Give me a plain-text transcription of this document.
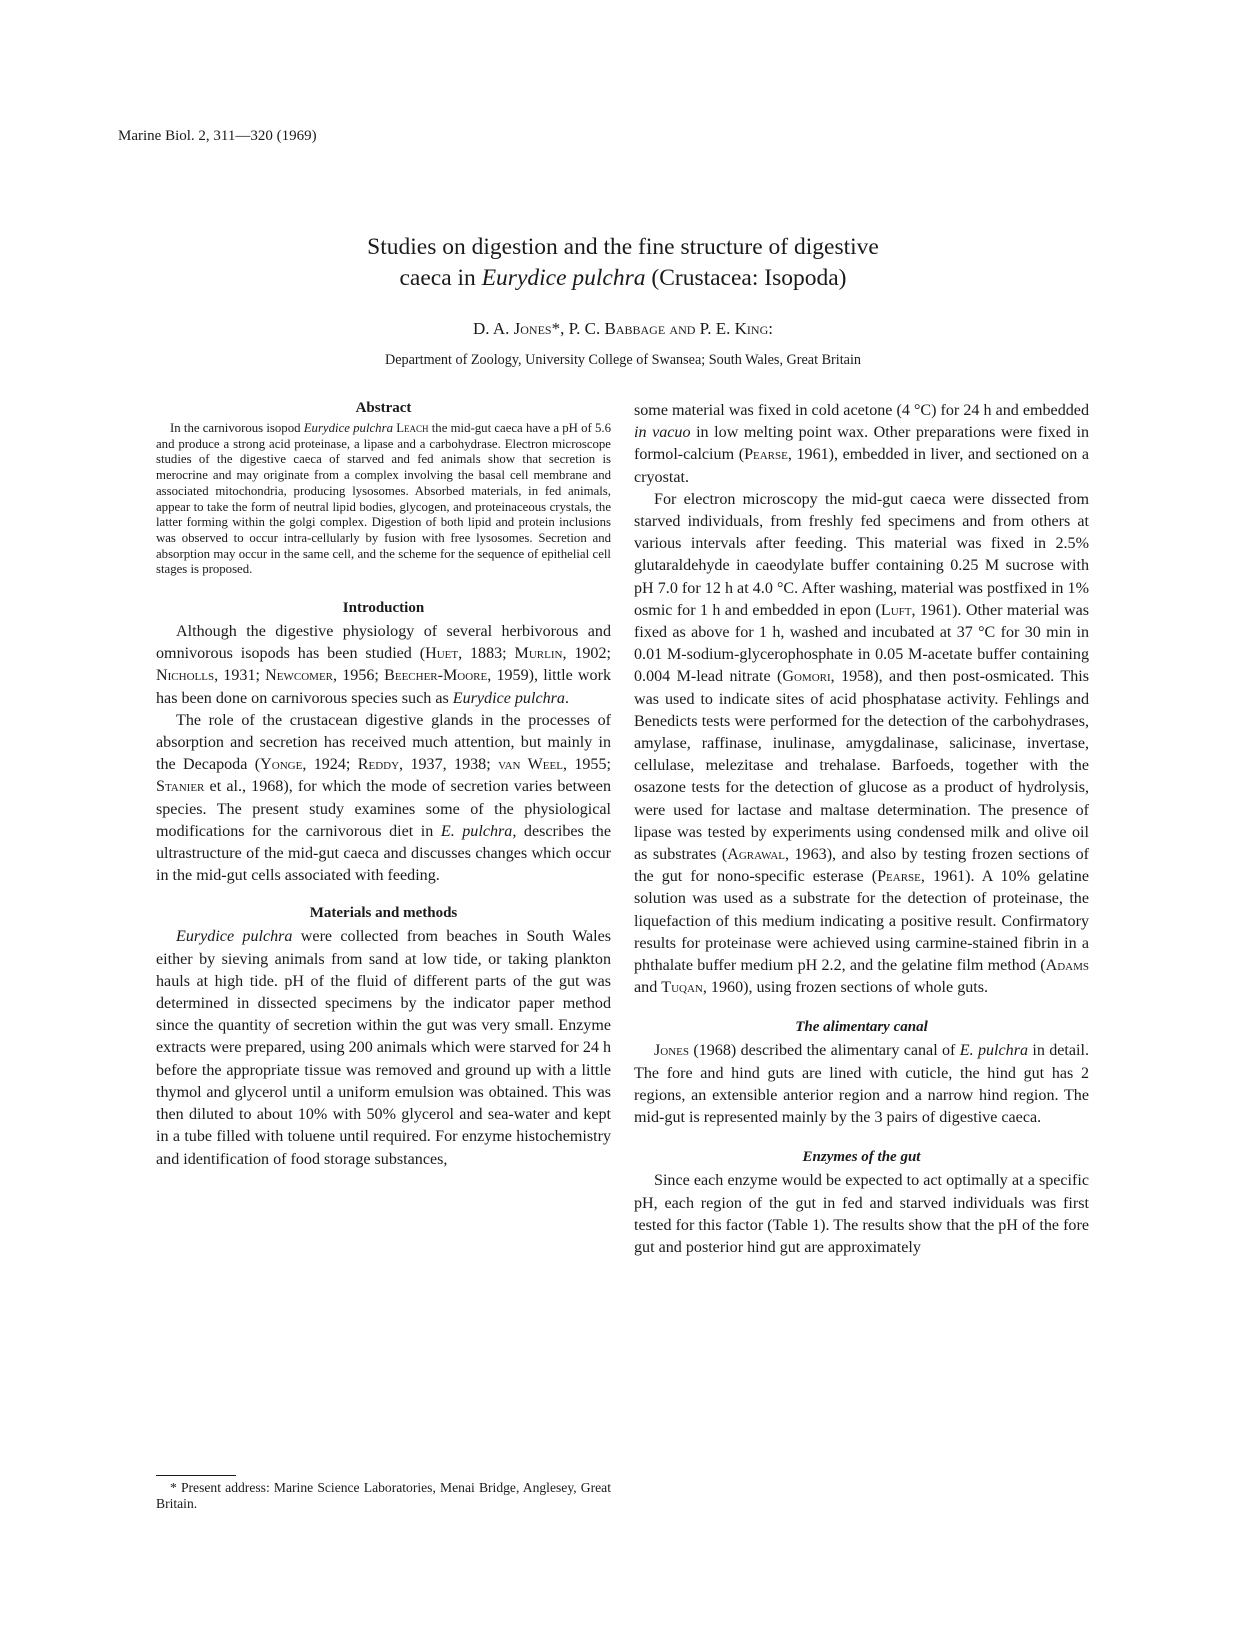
Marine Biol. 2, 311—320 (1969)
Studies on digestion and the fine structure of digestive
caeca in Eurydice pulchra (Crustacea: Isopoda)
D. A. Jones*, P. C. Babbage and P. E. King:
Department of Zoology, University College of Swansea; South Wales, Great Britain
Abstract

In the carnivorous isopod Eurydice pulchra Leach the mid-gut caeca have a pH of 5.6 and produce a strong acid proteinase, a lipase and a carbohydrase. Electron microscope studies of the digestive caeca of starved and fed animals show that secretion is merocrine and may originate from a complex involving the basal cell membrane and associated mitochondria, producing lysosomes. Absorbed materials, in fed animals, appear to take the form of neutral lipid bodies, glycogen, and proteinaceous crystals, the latter forming within the golgi complex. Digestion of both lipid and protein inclusions was observed to occur intra-cellularly by fusion with free lysosomes. Secretion and absorption may occur in the same cell, and the scheme for the sequence of epithelial cell stages is proposed.

Introduction

Although the digestive physiology of several herbivorous and omnivorous isopods has been studied (Huet, 1883; Murlin, 1902; Nicholls, 1931; Newcomer, 1956; Beecher-Moore, 1959), little work has been done on carnivorous species such as Eurydice pulchra.

The role of the crustacean digestive glands in the processes of absorption and secretion has received much attention, but mainly in the Decapoda (Yonge, 1924; Reddy, 1937, 1938; van Weel, 1955; Stanier et al., 1968), for which the mode of secretion varies between species. The present study examines some of the physiological modifications for the carnivorous diet in E. pulchra, describes the ultrastructure of the mid-gut caeca and discusses changes which occur in the mid-gut cells associated with feeding.

Materials and methods

Eurydice pulchra were collected from beaches in South Wales either by sieving animals from sand at low tide, or taking plankton hauls at high tide. pH of the fluid of different parts of the gut was determined in dissected specimens by the indicator paper method since the quantity of secretion within the gut was very small. Enzyme extracts were prepared, using 200 animals which were starved for 24 h before the appropriate tissue was removed and ground up with a little thymol and glycerol until a uniform emulsion was obtained. This was then diluted to about 10% with 50% glycerol and sea-water and kept in a tube filled with toluene until required. For enzyme histochemistry and identification of food storage substances,

some material was fixed in cold acetone (4 °C) for 24 h and embedded in vacuo in low melting point wax. Other preparations were fixed in formol-calcium (Pearse, 1961), embedded in liver, and sectioned on a cryostat.

For electron microscopy the mid-gut caeca were dissected from starved individuals, from freshly fed specimens and from others at various intervals after feeding. This material was fixed in 2.5% glutaraldehyde in caeodylate buffer containing 0.25 M sucrose with pH 7.0 for 12 h at 4.0 °C. After washing, material was postfixed in 1% osmic for 1 h and embedded in epon (Luft, 1961). Other material was fixed as above for 1 h, washed and incubated at 37 °C for 30 min in 0.01 M-sodium-glycerophosphate in 0.05 M-acetate buffer containing 0.004 M-lead nitrate (Gomori, 1958), and then post-osmicated. This was used to indicate sites of acid phosphatase activity. Fehlings and Benedicts tests were performed for the detection of the carbohydrases, amylase, raffinase, inulinase, amygdalinase, salicinase, invertase, cellulase, melezitase and trehalase. Barfoeds, together with the osazone tests for the detection of glucose as a product of hydrolysis, were used for lactase and maltase determination. The presence of lipase was tested by experiments using condensed milk and olive oil as substrates (Agrawal, 1963), and also by testing frozen sections of the gut for nono-specific esterase (Pearse, 1961). A 10% gelatine solution was used as a substrate for the detection of proteinase, the liquefaction of this medium indicating a positive result. Confirmatory results for proteinase were achieved using carmine-stained fibrin in a phthalate buffer medium pH 2.2, and the gelatine film method (Adams and Tuqan, 1960), using frozen sections of whole guts.

The alimentary canal

Jones (1968) described the alimentary canal of E. pulchra in detail. The fore and hind guts are lined with cuticle, the hind gut has 2 regions, an extensible anterior region and a narrow hind region. The mid-gut is represented mainly by the 3 pairs of digestive caeca.

Enzymes of the gut

Since each enzyme would be expected to act optimally at a specific pH, each region of the gut in fed and starved individuals was first tested for this factor (Table 1). The results show that the pH of the fore gut and posterior hind gut are approximately

* Present address: Marine Science Laboratories, Menai Bridge, Anglesey, Great Britain.
